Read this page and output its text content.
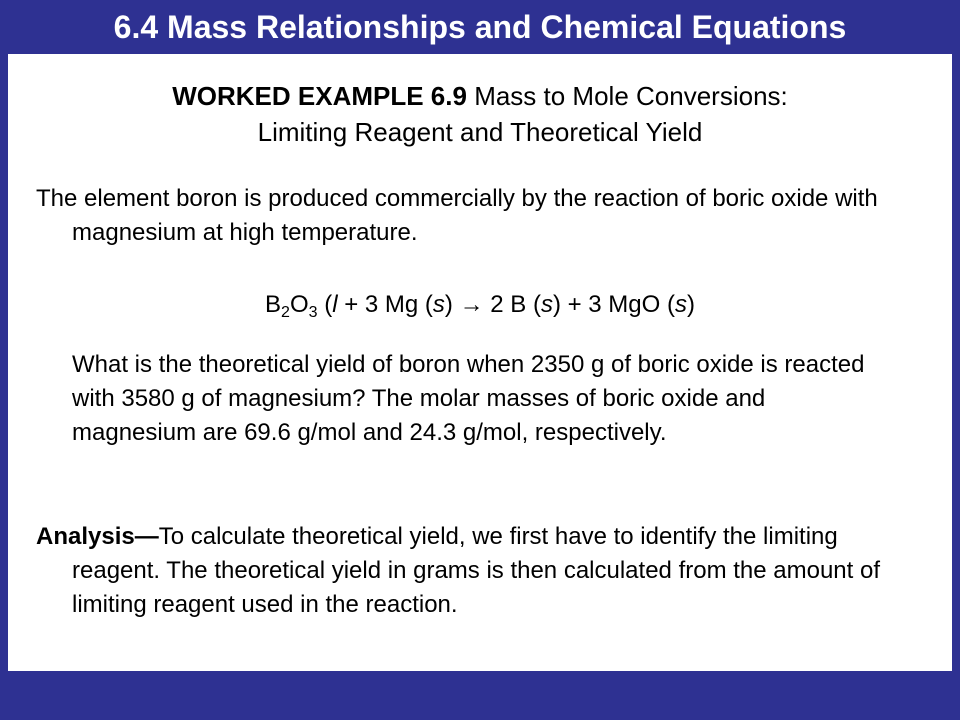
6.4 Mass Relationships and Chemical Equations
WORKED EXAMPLE 6.9 Mass to Mole Conversions:
Limiting Reagent and Theoretical Yield
The element boron is produced commercially by the reaction of boric oxide with magnesium at high temperature.
$B_2O_3$ (l + 3 Mg (s) → 2 B (s) + 3 MgO (s)
What is the theoretical yield of boron when 2350 g of boric oxide is reacted with 3580 g of magnesium? The molar masses of boric oxide and magnesium are 69.6 g/mol and 24.3 g/mol, respectively.
Analysis—To calculate theoretical yield, we first have to identify the limiting reagent. The theoretical yield in grams is then calculated from the amount of limiting reagent used in the reaction.
